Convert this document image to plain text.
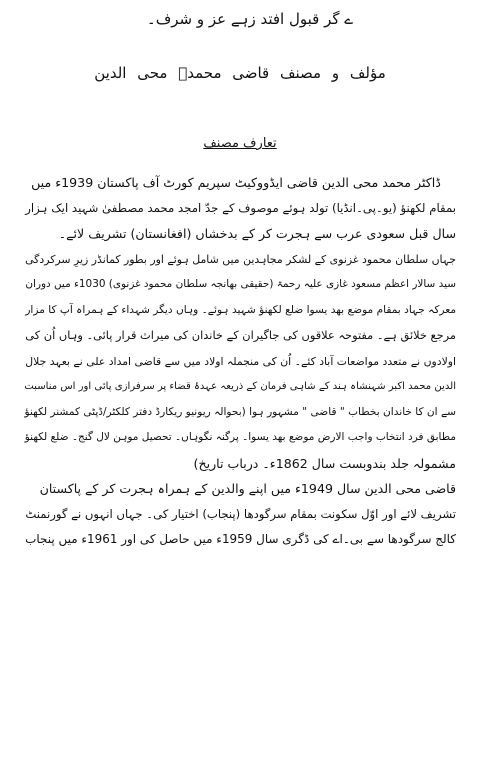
ے گر قبول افتد زہے عز و شرف۔
مؤلف و مصنف قاضی محمدؐ محی الدین
تعارف مصنف
ڈاکٹر محمد محی الدین قاضی ایڈووکیٹ سپریم کورٹ آف پاکستان 1939ء میں
بمقام لکھنؤ (یو۔پی۔انڈیا) تولد ہوئے موصوف کے جدّ امجد محمد مصطفیٰ شہید ایک ہزار
سال قبل سعودی عرب سے ہجرت کر کے بدخشاں (افغانستان) تشریف لائے۔
جہاں سلطان محمود غزنوی کے لشکر مجاہدین میں شامل ہوئے اور بطور کمانڈر زیرِ سرکردگی
سید سالار اعظم مسعود غازی علیہ رحمۃ (حقیقی بھانجہ سلطان محمود غزنوی) 1030ء میں دوران
معرکہ جہاد بمقام موضع بھد یسوا ضلع لکھنؤ شہید ہوئے۔ وہاں دیگر شہداء کے ہمراہ آپ کا مزار
مرجع خلائق ہے۔ مفتوحہ علاقوں کی جاگیران کے خاندان کی میراث قرار پائی۔ وہاں اُن کی
اولادوں نے متعدد مواضعات آباد کئے۔ اُن کی منجملہ اولاد میں سے قاضی امداد علی نے بعہد جلال
الدین محمد اکبر شہنشاہ ہند کے شاہی فرمان کے ذریعہ عہدۂ قضاء پر سرفرازی پائی اور اس مناسبت
سے ان کا خاندان بخطاب " قاضی " مشہور ہوا (بحوالہ ریونیو ریکارڈ دفتر کلکٹر/ڈپٹی کمشنر لکھنؤ
مطابق فرد انتخاب واجب الارض موضع بھد یسوا۔ پرگنہ نگوہاں۔ تحصیل موہن لال گنج۔ ضلع لکھنؤ
مشمولہ جلد بندوبست سال 1862ء۔ درباب تاریخ)
قاضی محی الدین سال 1949ء میں اپنے والدین کے ہمراہ ہجرت کر کے پاکستان
تشریف لائے اور اوّل سکونت بمقام سرگودھا (پنجاب) اختیار کی۔ جہاں انہوں نے گورنمنٹ
کالج سرگودھا سے بی۔اے کی ڈگری سال 1959ء میں حاصل کی اور 1961ء میں پنجاب
